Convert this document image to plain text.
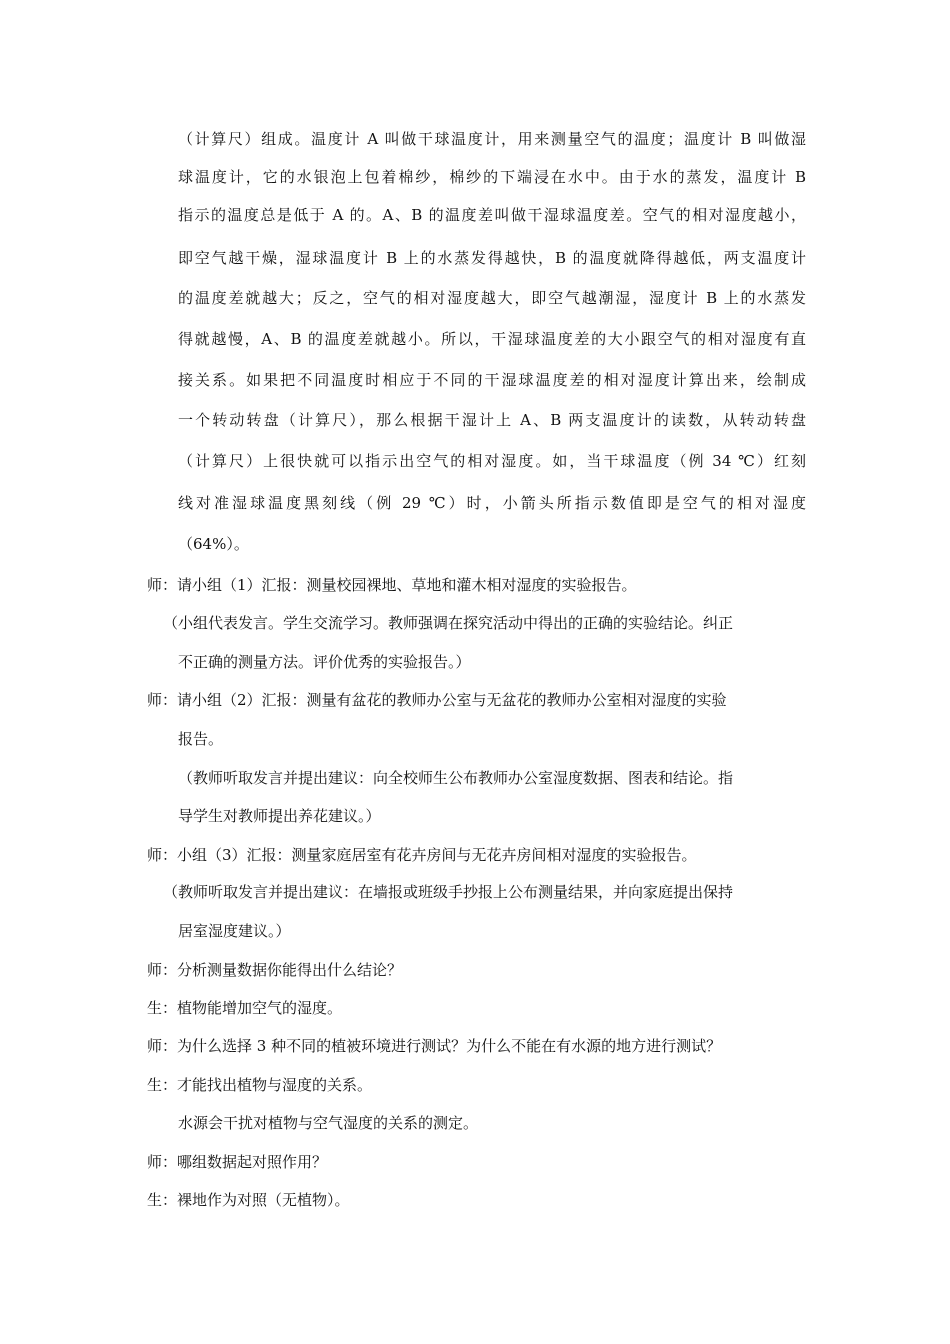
（计算尺）组成。温度计 A 叫做干球温度计，用来测量空气的温度；温度计 B 叫做湿
球温度计，它的水银泡上包着棉纱，棉纱的下端浸在水中。由于水的蒸发，温度计 B
指示的温度总是低于 A 的。A、B 的温度差叫做干湿球温度差。空气的相对湿度越小，
即空气越干燥，湿球温度计 B 上的水蒸发得越快，B 的温度就降得越低，两支温度计
的温度差就越大；反之，空气的相对湿度越大，即空气越潮湿，湿度计 B 上的水蒸发
得就越慢，A、B 的温度差就越小。所以，干湿球温度差的大小跟空气的相对湿度有直
接关系。如果把不同温度时相应于不同的干湿球温度差的相对湿度计算出来，绘制成
一个转动转盘（计算尺），那么根据干湿计上 A、B 两支温度计的读数，从转动转盘
（计算尺）上很快就可以指示出空气的相对湿度。如，当干球温度（例 34 ℃）红刻
线对准湿球温度黑刻线（例 29 ℃）时，小箭头所指示数值即是空气的相对湿度
（64%）。
师：请小组（1）汇报：测量校园裸地、草地和灌木相对湿度的实验报告。
（小组代表发言。学生交流学习。教师强调在探究活动中得出的正确的实验结论。纠正
不正确的测量方法。评价优秀的实验报告。）
师：请小组（2）汇报：测量有盆花的教师办公室与无盆花的教师办公室相对湿度的实验
报告。
（教师听取发言并提出建议：向全校师生公布教师办公室湿度数据、图表和结论。指
导学生对教师提出养花建议。）
师：小组（3）汇报：测量家庭居室有花卉房间与无花卉房间相对湿度的实验报告。
（教师听取发言并提出建议：在墙报或班级手抄报上公布测量结果，并向家庭提出保持
居室湿度建议。）
师：分析测量数据你能得出什么结论？
生：植物能增加空气的湿度。
师：为什么选择 3 种不同的植被环境进行测试？为什么不能在有水源的地方进行测试？
生：才能找出植物与湿度的关系。
水源会干扰对植物与空气湿度的关系的测定。
师：哪组数据起对照作用？
生：裸地作为对照（无植物）。
